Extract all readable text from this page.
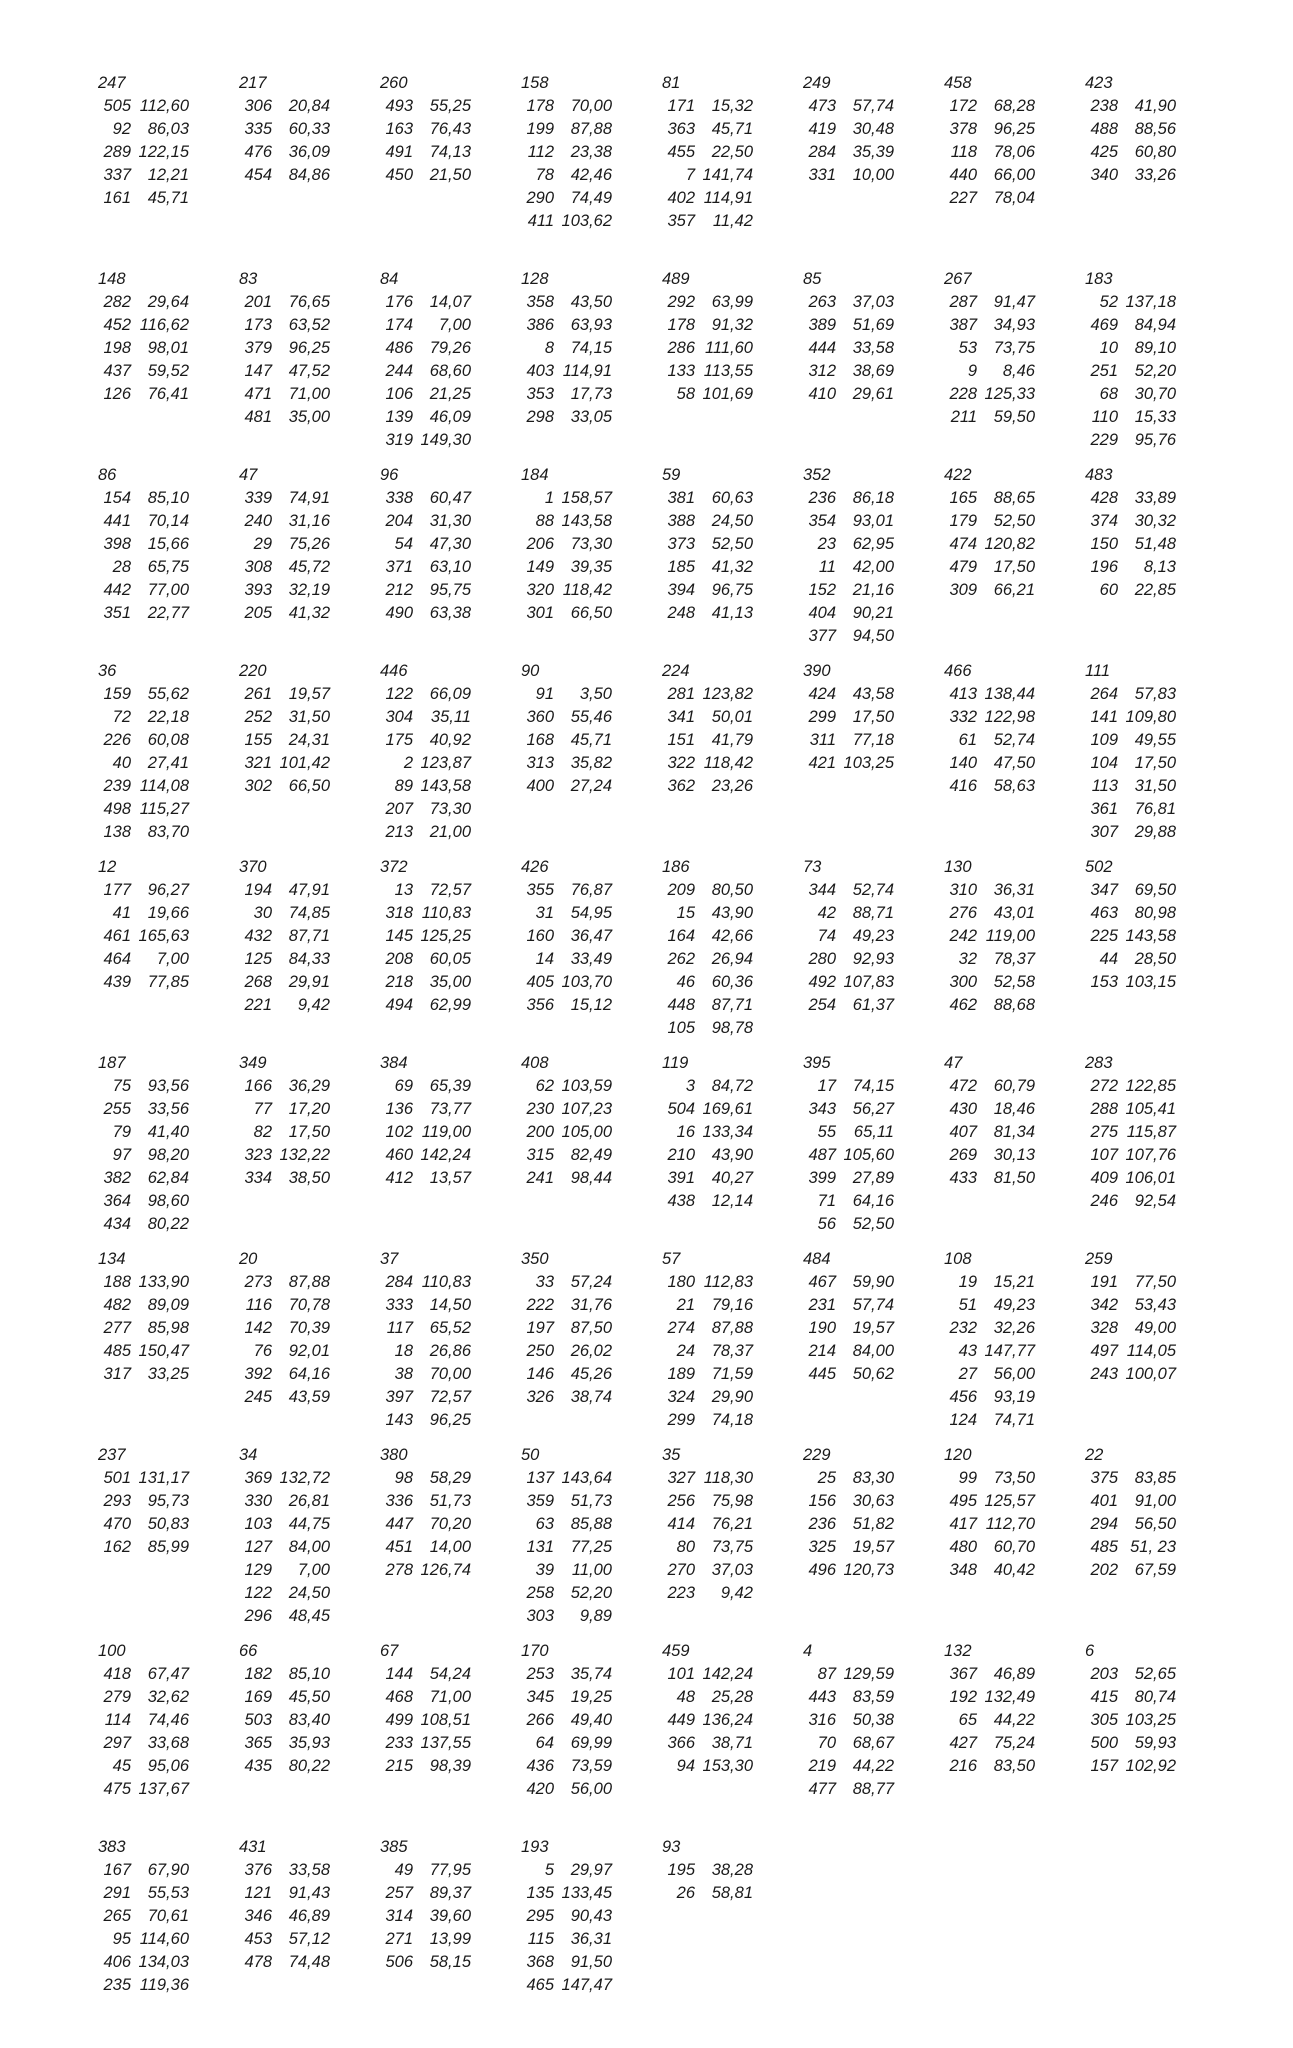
247
505 112,60
92	86,03
289 122,15
337	12,21
161	45,71
217
306	20,84
335	60,33
476	36,09
454	84,86
260
493	55,25
163	76,43
491	74,13
450	21,50
158
178	70,00
199	87,88
112	23,38
78	42,46
290	74,49
411 103,62
81
171	15,32
363	45,71
455	22,50
7 141,74
402 114,91
357	11,42
249
473	57,74
419	30,48
284	35,39
331	10,00
458
172	68,28
378	96,25
118	78,06
440	66,00
227	78,04
423
238	41,90
488	88,56
425	60,80
340	33,26
148
282	29,64
452 116,62
198	98,01
437	59,52
126	76,41
83
201	76,65
173	63,52
379	96,25
147	47,52
471	71,00
481	35,00
84
176	14,07
174	7,00
486	79,26
244	68,60
106	21,25
139	46,09
319 149,30
128
358	43,50
386	63,93
8	74,15
403 114,91
353	17,73
298	33,05
489
292	63,99
178	91,32
286 111,60
133 113,55
58 101,69
85
263	37,03
389	51,69
444	33,58
312	38,69
410	29,61
267
287	91,47
387	34,93
53	73,75
9	8,46
228 125,33
211	59,50
183
52 137,18
469	84,94
10	89,10
251	52,20
68	30,70
110	15,33
229	95,76
86
154	85,10
441	70,14
398	15,66
28	65,75
442	77,00
351	22,77
47
339	74,91
240	31,16
29	75,26
308	45,72
393	32,19
205	41,32
96
338	60,47
204	31,30
54	47,30
371	63,10
212	95,75
490	63,38
184
1 158,57
88 143,58
206	73,30
149	39,35
320 118,42
301	66,50
59
381	60,63
388	24,50
373	52,50
185	41,32
394	96,75
248	41,13
352
236	86,18
354	93,01
23	62,95
11	42,00
152	21,16
404	90,21
377	94,50
422
165	88,65
179	52,50
474 120,82
479	17,50
309	66,21
483
428	33,89
374	30,32
150	51,48
196	8,13
60	22,85
36
159	55,62
72	22,18
226	60,08
40	27,41
239 114,08
498 115,27
138	83,70
220
261	19,57
252	31,50
155	24,31
321 101,42
302	66,50
446
122	66,09
304	35,11
175	40,92
2 123,87
89 143,58
207	73,30
213	21,00
90
91	3,50
360	55,46
168	45,71
313	35,82
400	27,24
224
281 123,82
341	50,01
151	41,79
322 118,42
362	23,26
390
424	43,58
299	17,50
311	77,18
421 103,25
466
413 138,44
332 122,98
61	52,74
140	47,50
416	58,63
111
264	57,83
141 109,80
109	49,55
104	17,50
113	31,50
361	76,81
307	29,88
12
177	96,27
41	19,66
461 165,63
464	7,00
439	77,85
370
194	47,91
30	74,85
432	87,71
125	84,33
268	29,91
221	9,42
372
13	72,57
318 110,83
145 125,25
208	60,05
218	35,00
494	62,99
426
355	76,87
31	54,95
160	36,47
14	33,49
405 103,70
356	15,12
186
209	80,50
15	43,90
164	42,66
262	26,94
46	60,36
448	87,71
105	98,78
73
344	52,74
42	88,71
74	49,23
280	92,93
492 107,83
254	61,37
130
310	36,31
276	43,01
242 119,00
32	78,37
300	52,58
462	88,68
502
347	69,50
463	80,98
225 143,58
44	28,50
153 103,15
187
75	93,56
255	33,56
79	41,40
97	98,20
382	62,84
364	98,60
434	80,22
349
166	36,29
77	17,20
82	17,50
323 132,22
334	38,50
384
69	65,39
136	73,77
102 119,00
460 142,24
412	13,57
408
62 103,59
230 107,23
200 105,00
315	82,49
241	98,44
119
3	84,72
504 169,61
16 133,34
210	43,90
391	40,27
438	12,14
395
17	74,15
343	56,27
55	65,11
487 105,60
399	27,89
71	64,16
56	52,50
47
472	60,79
430	18,46
407	81,34
269	30,13
433	81,50
283
272 122,85
288 105,41
275 115,87
107 107,76
409 106,01
246	92,54
134
188 133,90
482	89,09
277	85,98
485 150,47
317	33,25
20
273	87,88
116	70,78
142	70,39
76	92,01
392	64,16
245	43,59
37
284 110,83
333	14,50
117	65,52
18	26,86
38	70,00
397	72,57
143	96,25
350
33	57,24
222	31,76
197	87,50
250	26,02
146	45,26
326	38,74
57
180 112,83
21	79,16
274	87,88
24	78,37
189	71,59
324	29,90
299	74,18
484
467	59,90
231	57,74
190	19,57
214	84,00
445	50,62
108
19	15,21
51	49,23
232	32,26
43 147,77
27	56,00
456	93,19
124	74,71
259
191	77,50
342	53,43
328	49,00
497 114,05
243 100,07
237
501 131,17
293	95,73
470	50,83
162	85,99
34
369 132,72
330	26,81
103	44,75
127	84,00
129	7,00
122	24,50
296	48,45
380
98	58,29
336	51,73
447	70,20
451	14,00
278 126,74
50
137 143,64
359	51,73
63	85,88
131	77,25
39	11,00
258	52,20
303	9,89
35
327 118,30
256	75,98
414	76,21
80	73,75
270	37,03
223	9,42
229
25	83,30
156	30,63
236	51,82
325	19,57
496 120,73
120
99	73,50
495 125,57
417 112,70
480	60,70
348	40,42
22
375	83,85
401	91,00
294	56,50
485 51, 23
202	67,59
100
418	67,47
279	32,62
114	74,46
297	33,68
45	95,06
475 137,67
66
182	85,10
169	45,50
503	83,40
365	35,93
435	80,22
67
144	54,24
468	71,00
499 108,51
233 137,55
215	98,39
170
253	35,74
345	19,25
266	49,40
64	69,99
436	73,59
420	56,00
459
101 142,24
48	25,28
449 136,24
366	38,71
94 153,30
4
87 129,59
443	83,59
316	50,38
70	68,67
219	44,22
477	88,77
132
367	46,89
192 132,49
65	44,22
427	75,24
216	83,50
6
203	52,65
415	80,74
305 103,25
500	59,93
157 102,92
383
167	67,90
291	55,53
265	70,61
95 114,60
406 134,03
235 119,36
431
376	33,58
121	91,43
346	46,89
453	57,12
478	74,48
385
49	77,95
257	89,37
314	39,60
271	13,99
506	58,15
193
5	29,97
135 133,45
295	90,43
115	36,31
368	91,50
465 147,47
93
195	38,28
26	58,81
